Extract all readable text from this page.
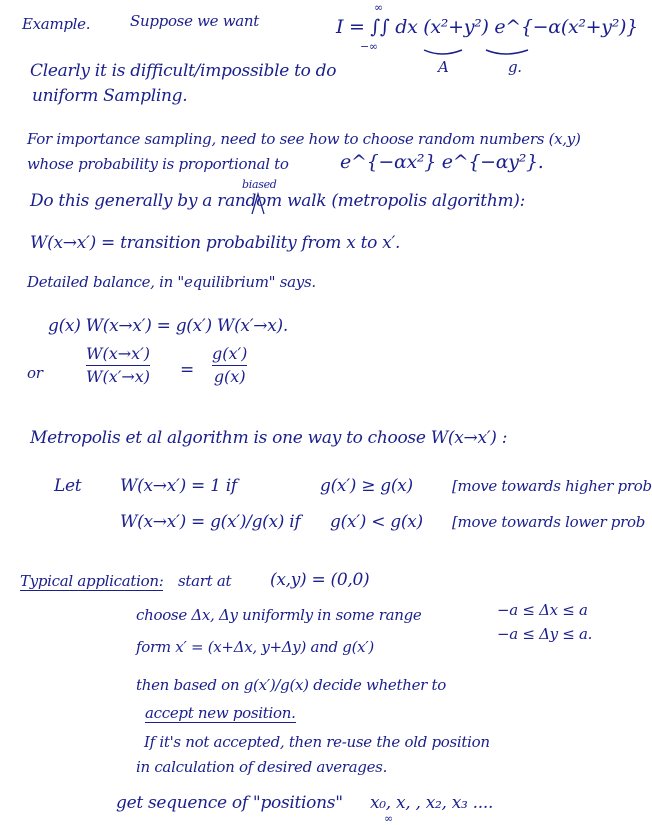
Example.	Suppose we want
∞
I = ∫∫ dx (x²+y²) e^{−α(x²+y²)}
−∞
A	g.
Clearly it is difficult/impossible to do
uniform Sampling.
For importance sampling, need to see how to choose random numbers (x,y)
whose probability is proportional to	e^{−αx²} e^{−αy²}.
biased
Do this generally by a random walk (metropolis algorithm):
W(x→x′) = transition probability from x to x′.
Detailed balance, in "equilibrium" says.
g(x) W(x→x′) = g(x′) W(x′→x).
or
W(x→x′)
W(x′→x) =
g(x′)
g(x)
Metropolis et al algorithm is one way to choose W(x→x′) :
Let W(x→x′) = 1 if	g(x′) ≥ g(x)	[move towards higher prob
W(x→x′) = g(x′)/g(x) if g(x′) < g(x) [move towards lower prob
Typical application: start at (x,y) = (0,0)
choose Δx, Δy uniformly in some range	−a ≤ Δx ≤ a
−a ≤ Δy ≤ a.
form x′ = (x+Δx, y+Δy) and g(x′)
then based on g(x′)/g(x) decide whether to
accept new position.
If it's not accepted, then re-use the old position
in calculation of desired averages.
get sequence of "positions" x₀, x, , x₂, x₃ ....
∞
